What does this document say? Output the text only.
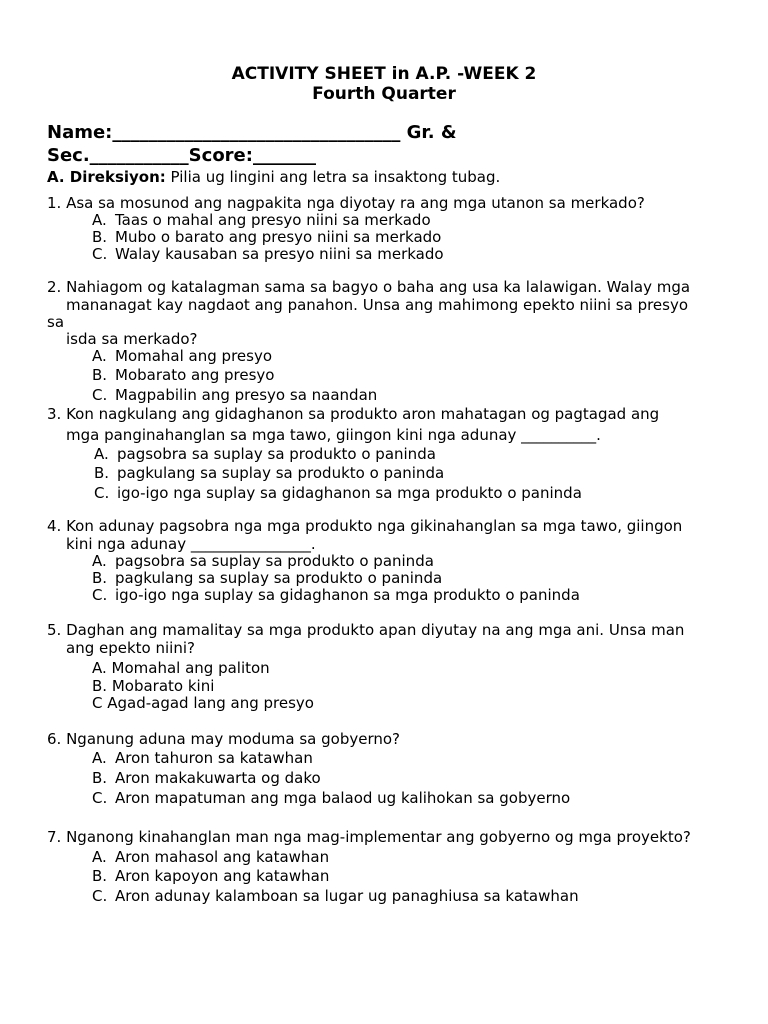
ACTIVITY SHEET in A.P. -WEEK 2
Fourth Quarter
Name:________________________________ Gr. &
Sec.___________Score:_______
A. Direksiyon: Pilia ug lingini ang letra sa insaktong tubag.
1. Asa sa mosunod ang nagpakita nga diyotay ra ang mga utanon sa merkado?
A. Taas o mahal ang presyo niini sa merkado
B. Mubo o barato ang presyo niini sa merkado
C. Walay kausaban sa presyo niini sa merkado
2. Nahiagom og katalagman sama sa bagyo o baha ang usa ka lalawigan. Walay mga
mananagat kay nagdaot ang panahon. Unsa ang mahimong epekto niini sa presyo
sa
isda sa merkado?
A. Momahal ang presyo
B. Mobarato ang presyo
C. Magpabilin ang presyo sa naandan
3. Kon nagkulang ang gidaghanon sa produkto aron mahatagan og pagtagad ang
mga panginahanglan sa mga tawo, giingon kini nga adunay __________.
A. pagsobra sa suplay sa produkto o paninda
B. pagkulang sa suplay sa produkto o paninda
C. igo-igo nga suplay sa gidaghanon sa mga produkto o paninda
4. Kon adunay pagsobra nga mga produkto nga gikinahanglan sa mga tawo, giingon
kini nga adunay ________________.
A. pagsobra sa suplay sa produkto o paninda
B. pagkulang sa suplay sa produkto o paninda
C. igo-igo nga suplay sa gidaghanon sa mga produkto o paninda
5. Daghan ang mamalitay sa mga produkto apan diyutay na ang mga ani. Unsa man
ang epekto niini?
A. Momahal ang paliton
B. Mobarato kini
C Agad-agad lang ang presyo
6. Nganung aduna may moduma sa gobyerno?
A. Aron tahuron sa katawhan
B. Aron makakuwarta og dako
C. Aron mapatuman ang mga balaod ug kalihokan sa gobyerno
7. Nganong kinahanglan man nga mag-implementar ang gobyerno og mga proyekto?
A. Aron mahasol ang katawhan
B. Aron kapoyon ang katawhan
C. Aron adunay kalamboan sa lugar ug panaghiusa sa katawhan
